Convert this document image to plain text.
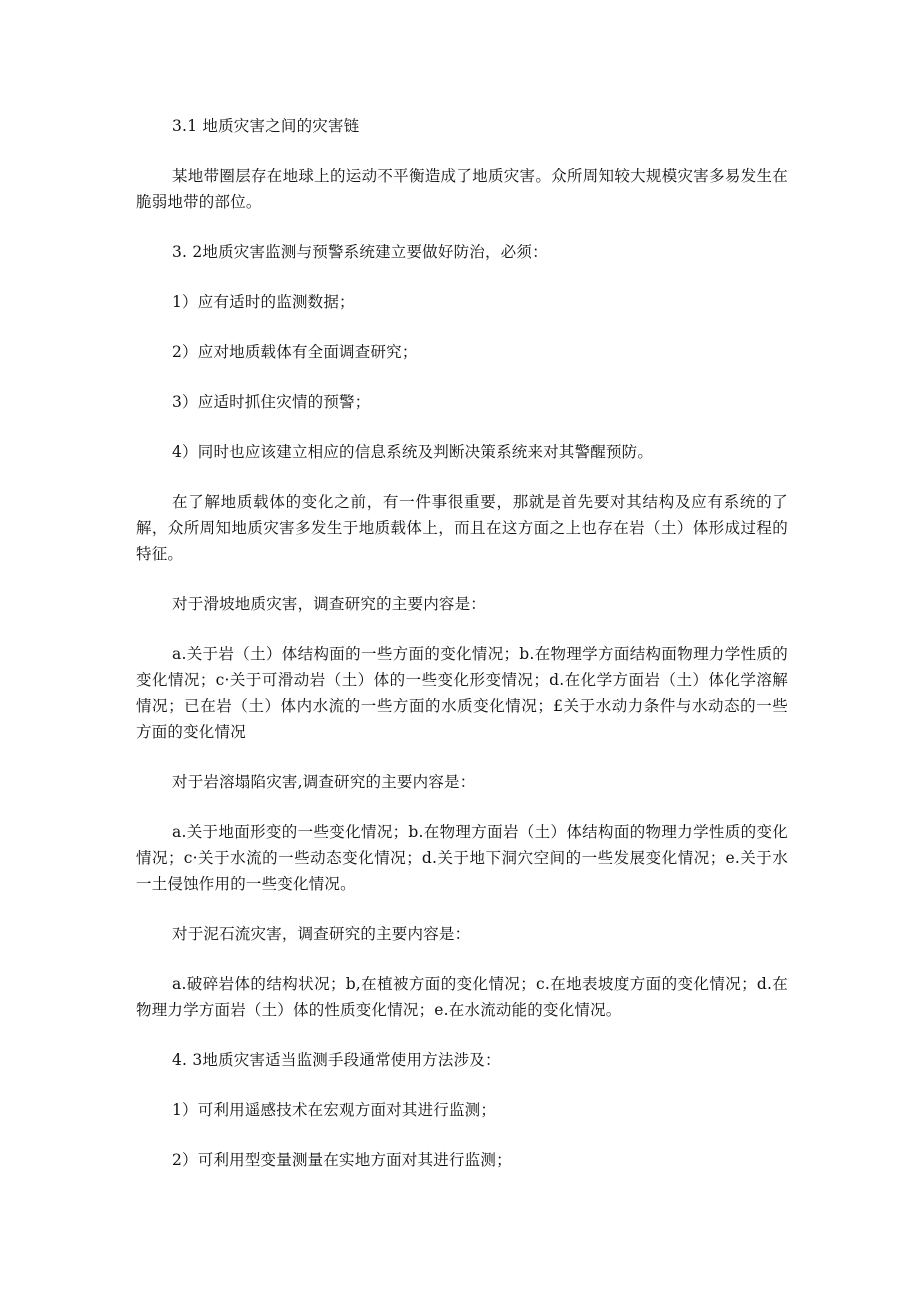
3.1 地质灾害之间的灾害链

某地带圈层存在地球上的运动不平衡造成了地质灾害。众所周知较大规模灾害多易发生在脆弱地带的部位。

3. 2地质灾害监测与预警系统建立要做好防治，必须：

1）应有适时的监测数据；

2）应对地质载体有全面调查研究；

3）应适时抓住灾情的预警；

4）同时也应该建立相应的信息系统及判断决策系统来对其警醒预防。

在了解地质载体的变化之前，有一件事很重要，那就是首先要对其结构及应有系统的了解，众所周知地质灾害多发生于地质载体上，而且在这方面之上也存在岩（土）体形成过程的特征。

对于滑坡地质灾害，调查研究的主要内容是：

a.关于岩（土）体结构面的一些方面的变化情况；b.在物理学方面结构面物理力学性质的变化情况；c·关于可滑动岩（土）体的一些变化形变情况；d.在化学方面岩（土）体化学溶解情况；已在岩（土）体内水流的一些方面的水质变化情况；£关于水动力条件与水动态的一些方面的变化情况

对于岩溶塌陷灾害,调查研究的主要内容是：

a.关于地面形变的一些变化情况；b.在物理方面岩（土）体结构面的物理力学性质的变化情况；c·关于水流的一些动态变化情况；d.关于地下洞穴空间的一些发展变化情况；e.关于水一土侵蚀作用的一些变化情况。

对于泥石流灾害，调查研究的主要内容是：

a.破碎岩体的结构状况；b,在植被方面的变化情况；c.在地表坡度方面的变化情况；d.在物理力学方面岩（土）体的性质变化情况；e.在水流动能的变化情况。

4. 3地质灾害适当监测手段通常使用方法涉及：

1）可利用遥感技术在宏观方面对其进行监测；

2）可利用型变量测量在实地方面对其进行监测；
